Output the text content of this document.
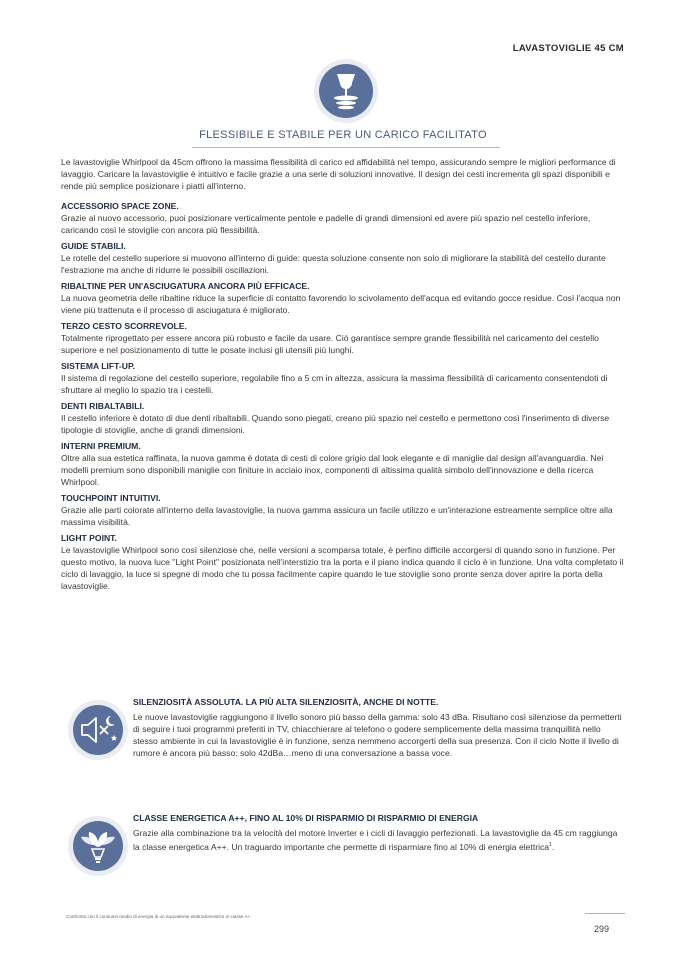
LAVASTOVIGLIE 45 CM
FLESSIBILE E STABILE PER UN CARICO FACILITATO

Le lavastoviglie Whirlpool da 45cm offrono la massima flessibilità di carico ed affidabilità nel tempo, assicurando sempre le migliori performance di lavaggio. Caricare la lavastoviglie è intuitivo e facile grazie a una serie di soluzioni innovative. Il design dei cesti incrementa gli spazi disponibili e rende più semplice posizionare i piatti all'interno.

ACCESSORIO SPACE ZONE.

Grazie al nuovo accessorio, puoi posizionare verticalmente pentole e padelle di grandi dimensioni ed avere più spazio nel cestello inferiore, caricando così le stoviglie con ancora più flessibilità.

GUIDE STABILI.

Le rotelle del cestello superiore si muovono all'interno di guide: questa soluzione consente non solo di migliorare la stabilità del cestello durante l'estrazione ma anche di ridurre le possibili oscillazioni.

RIBALTINE PER UN'ASCIUGATURA ANCORA PIÙ EFFICACE.

La nuova geometria delle ribaltine riduce la superficie di contatto favorendo lo scivolamento dell'acqua ed evitando gocce residue. Così l'acqua non viene più trattenuta e il processo di asciugatura è migliorato.

TERZO CESTO SCORREVOLE.

Totalmente riprogettato per essere ancora più robusto e facile da usare. Ciò garantisce sempre grande flessibilità nel caricamento del cestello superiore e nel posizionamento di tutte le posate inclusi gli utensili più lunghi.

SISTEMA LIFT-UP.

Il sistema di regolazione del cestello superiore, regolabile fino a 5 cm in altezza, assicura la massima flessibilità di caricamento consentendoti di sfruttare al meglio lo spazio tra i cestelli.

DENTI RIBALTABILI.

Il cestello inferiore è dotato di due denti ribaltabili. Quando sono piegati, creano più spazio nel cestello e permettono così l'inserimento di diverse tipologie di stoviglie, anche di grandi dimensioni.

INTERNI PREMIUM.

Oltre alla sua estetica raffinata, la nuova gamma è dotata di cesti di colore grigio dal look elegante e di maniglie dal design all'avanguardia. Nei modelli premium sono disponibili maniglie con finiture in acciaio inox, componenti di altissima qualità simbolo dell'innovazione e della ricerca Whirlpool.

TOUCHPOINT INTUITIVI.

Grazie alle parti colorate all'interno della lavastoviglie, la nuova gamma assicura un facile utilizzo e un'interazione estreamente semplice oltre alla massima visibilità.

LIGHT POINT.

Le lavastoviglie Whirlpool sono così silenziose che, nelle versioni a scomparsa totale, è perfino difficile accorgersi di quando sono in funzione. Per questo motivo, la nuova luce "Light Point" posizionata nell'interstizio tra la porta e il piano indica quando il ciclo è in funzione. Una volta completato il ciclo di lavaggio, la luce si spegne di modo che tu possa facilmente capire quando le tue stoviglie sono pronte senza dover aprire la porta della lavastoviglie.

SILENZIOSITÀ ASSOLUTA. LA PIÙ ALTA SILENZIOSITÀ, ANCHE DI NOTTE.

Le nuove lavastoviglie raggiungono il livello sonoro più basso della gamma: solo 43 dBa. Risultano così silenziose da permetterti di seguire i tuoi programmi preferiti in TV, chiacchierare al telefono o godere semplicemente della massima tranquillità nello stesso ambiente in cui la lavastoviglie è in funzione, senza nemmeno accorgerti della sua presenza. Con il ciclo Notte il livello di rumore è ancora più basso: solo 42dBa…meno di una conversazione a bassa voce.

CLASSE ENERGETICA A++, FINO AL 10% DI RISPARMIO DI RISPARMIO DI ENERGIA

Grazie alla combinazione tra la velocità del motore Inverter e i cicli di lavaggio perfezionati. La lavastoviglie da 45 cm raggiunga la classe energetica A++. Un traguardo importante che permette di risparmiare fino al 10% di energia elettrica$^1$.

Confronto con il consumo medio di energia di un equivalente elettrodomestico in classe A+.
299
